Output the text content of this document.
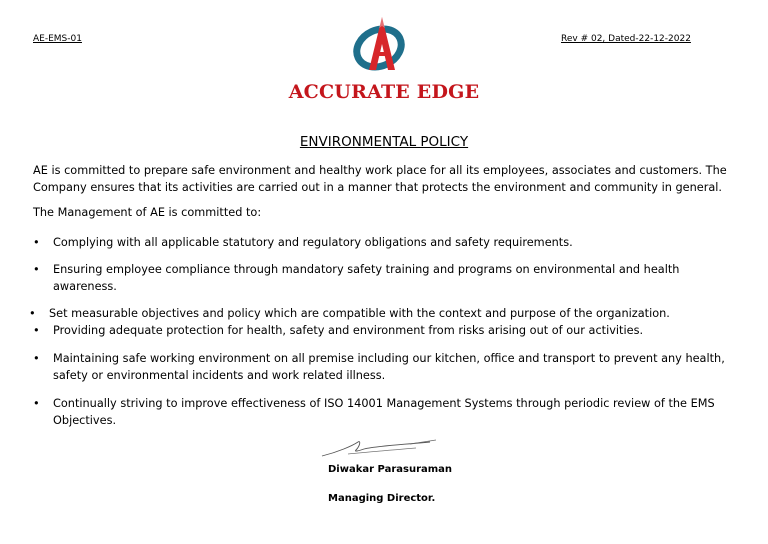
AE-EMS-01	Rev # 02, Dated-22-12-2022
ACCURATE EDGE
ENVIRONMENTAL POLICY
AE is committed to prepare safe environment and healthy work place for all its employees, associates and customers. The Company ensures that its activities are carried out in a manner that protects the environment and community in general.
The Management of AE is committed to:
• Complying with all applicable statutory and regulatory obligations and safety requirements.
• Ensuring employee compliance through mandatory safety training and programs on environmental and health awareness.
• Set measurable objectives and policy which are compatible with the context and purpose of the organization.
• Providing adequate protection for health, safety and environment from risks arising out of our activities.
• Maintaining safe working environment on all premise including our kitchen, office and transport to prevent any health, safety or environmental incidents and work related illness.
• Continually striving to improve effectiveness of ISO 14001 Management Systems through periodic review of the EMS Objectives.
Diwakar Parasuraman
Managing Director.
